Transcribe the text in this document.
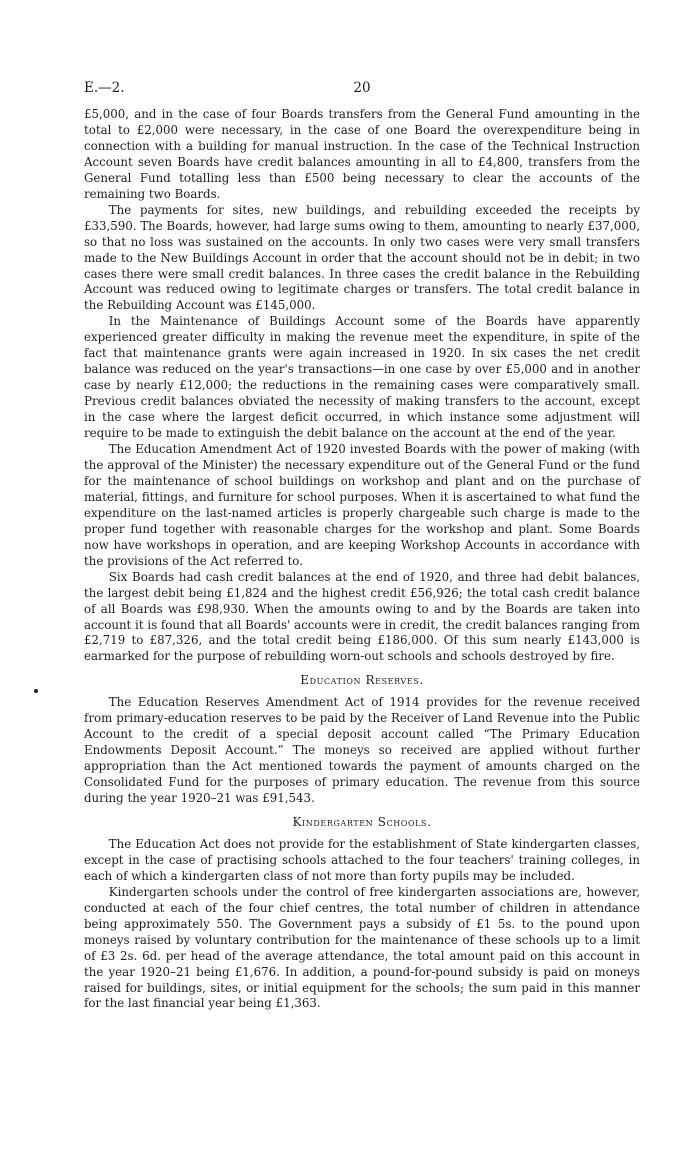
E.—2.	20

£5,000, and in the case of four Boards transfers from the General Fund amounting in the total to £2,000 were necessary, in the case of one Board the overexpenditure being in connection with a building for manual instruction. In the case of the Technical Instruction Account seven Boards have credit balances amounting in all to £4,800, transfers from the General Fund totalling less than £500 being necessary to clear the accounts of the remaining two Boards.

The payments for sites, new buildings, and rebuilding exceeded the receipts by £33,590. The Boards, however, had large sums owing to them, amounting to nearly £37,000, so that no loss was sustained on the accounts. In only two cases were very small transfers made to the New Buildings Account in order that the account should not be in debit; in two cases there were small credit balances. In three cases the credit balance in the Rebuilding Account was reduced owing to legitimate charges or transfers. The total credit balance in the Rebuilding Account was £145,000.

In the Maintenance of Buildings Account some of the Boards have apparently experienced greater difficulty in making the revenue meet the expenditure, in spite of the fact that maintenance grants were again increased in 1920. In six cases the net credit balance was reduced on the year's transactions—in one case by over £5,000 and in another case by nearly £12,000; the reductions in the remaining cases were comparatively small. Previous credit balances obviated the necessity of making transfers to the account, except in the case where the largest deficit occurred, in which instance some adjustment will require to be made to extinguish the debit balance on the account at the end of the year.

The Education Amendment Act of 1920 invested Boards with the power of making (with the approval of the Minister) the necessary expenditure out of the General Fund or the fund for the maintenance of school buildings on workshop and plant and on the purchase of material, fittings, and furniture for school purposes. When it is ascertained to what fund the expenditure on the last-named articles is properly chargeable such charge is made to the proper fund together with reasonable charges for the workshop and plant. Some Boards now have workshops in operation, and are keeping Workshop Accounts in accordance with the provisions of the Act referred to.

Six Boards had cash credit balances at the end of 1920, and three had debit balances, the largest debit being £1,824 and the highest credit £56,926; the total cash credit balance of all Boards was £98,930. When the amounts owing to and by the Boards are taken into account it is found that all Boards' accounts were in credit, the credit balances ranging from £2,719 to £87,326, and the total credit being £186,000. Of this sum nearly £143,000 is earmarked for the purpose of rebuilding worn-out schools and schools destroyed by fire.

Education Reserves.

The Education Reserves Amendment Act of 1914 provides for the revenue received from primary-education reserves to be paid by the Receiver of Land Revenue into the Public Account to the credit of a special deposit account called “The Primary Education Endowments Deposit Account.” The moneys so received are applied without further appropriation than the Act mentioned towards the payment of amounts charged on the Consolidated Fund for the purposes of primary education. The revenue from this source during the year 1920–21 was £91,543.

Kindergarten Schools.

The Education Act does not provide for the establishment of State kindergarten classes, except in the case of practising schools attached to the four teachers' training colleges, in each of which a kindergarten class of not more than forty pupils may be included.

Kindergarten schools under the control of free kindergarten associations are, however, conducted at each of the four chief centres, the total number of children in attendance being approximately 550. The Government pays a subsidy of £1 5s. to the pound upon moneys raised by voluntary contribution for the maintenance of these schools up to a limit of £3 2s. 6d. per head of the average attendance, the total amount paid on this account in the year 1920–21 being £1,676. In addition, a pound-for-pound subsidy is paid on moneys raised for buildings, sites, or initial equipment for the schools; the sum paid in this manner for the last financial year being £1,363.
